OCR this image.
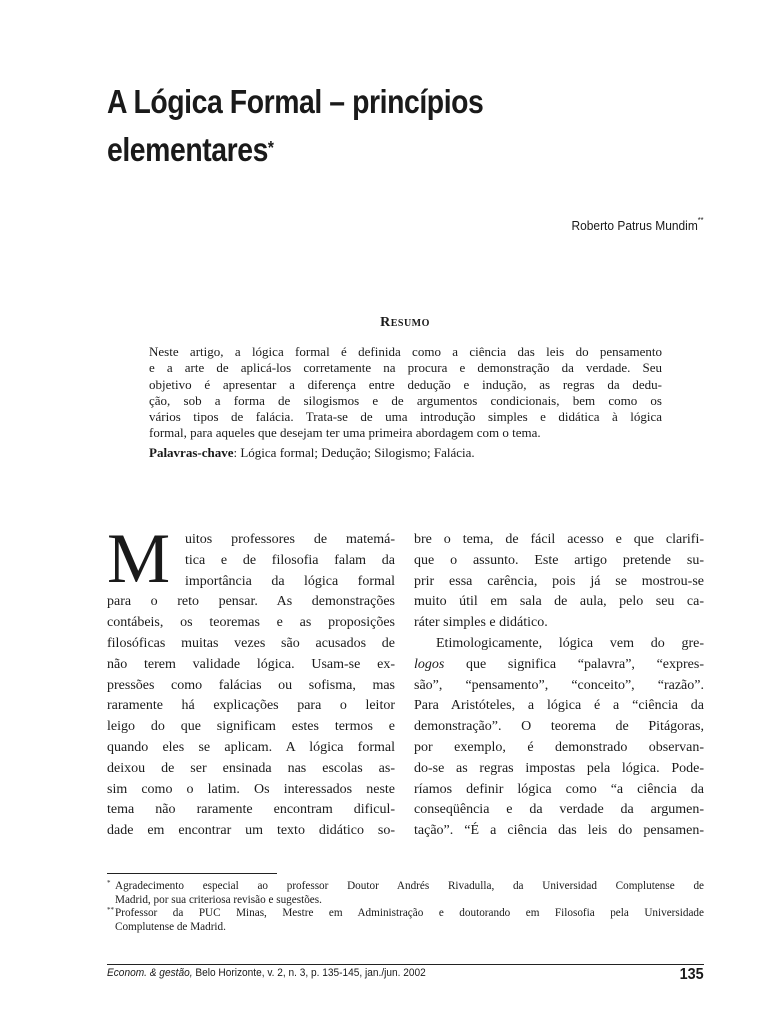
A Lógica Formal – princípios
elementares*
Roberto Patrus Mundim**
Resumo

Neste artigo, a lógica formal é definida como a ciência das leis do pensamento
e a arte de aplicá-los corretamente na procura e demonstração da verdade. Seu
objetivo é apresentar a diferença entre dedução e indução, as regras da dedu-
ção, sob a forma de silogismos e de argumentos condicionais, bem como os
vários tipos de falácia. Trata-se de uma introdução simples e didática à lógica
formal, para aqueles que desejam ter uma primeira abordagem com o tema.

Palavras-chave: Lógica formal; Dedução; Silogismo; Falácia.
M	uitos professores de matemá-
tica e de filosofia falam da
importância da lógica formal
para o reto pensar. As demonstrações
contábeis, os teoremas e as proposições
filosóficas muitas vezes são acusados de
não terem validade lógica. Usam-se ex-
pressões como falácias ou sofisma, mas
raramente há explicações para o leitor
leigo do que significam estes termos e
quando eles se aplicam. A lógica formal
deixou de ser ensinada nas escolas as-
sim como o latim. Os interessados neste
tema não raramente encontram dificul-
dade em encontrar um texto didático so-
bre o tema, de fácil acesso e que clarifi-
que o assunto. Este artigo pretende su-
prir essa carência, pois já se mostrou-se
muito útil em sala de aula, pelo seu ca-
ráter simples e didático.
Etimologicamente, lógica vem do gre-
logos que significa “palavra”, “expres-
são”, “pensamento”, “conceito”, “razão”.
Para Aristóteles, a lógica é a “ciência da
demonstração”. O teorema de Pitágoras,
por exemplo, é demonstrado observan-
do-se as regras impostas pela lógica. Pode-
ríamos definir lógica como “a ciência da
conseqüência e da verdade da argumen-
tação”. “É a ciência das leis do pensamen-
* Agradecimento especial ao professor Doutor Andrés Rivadulla, da Universidad Complutense de
Madrid, por sua criteriosa revisão e sugestões.
** Professor da PUC Minas, Mestre em Administração e doutorando em Filosofia pela Universidade
Complutense de Madrid.
Econom. & gestão, Belo Horizonte, v. 2, n. 3, p. 135-145, jan./jun. 2002	135
